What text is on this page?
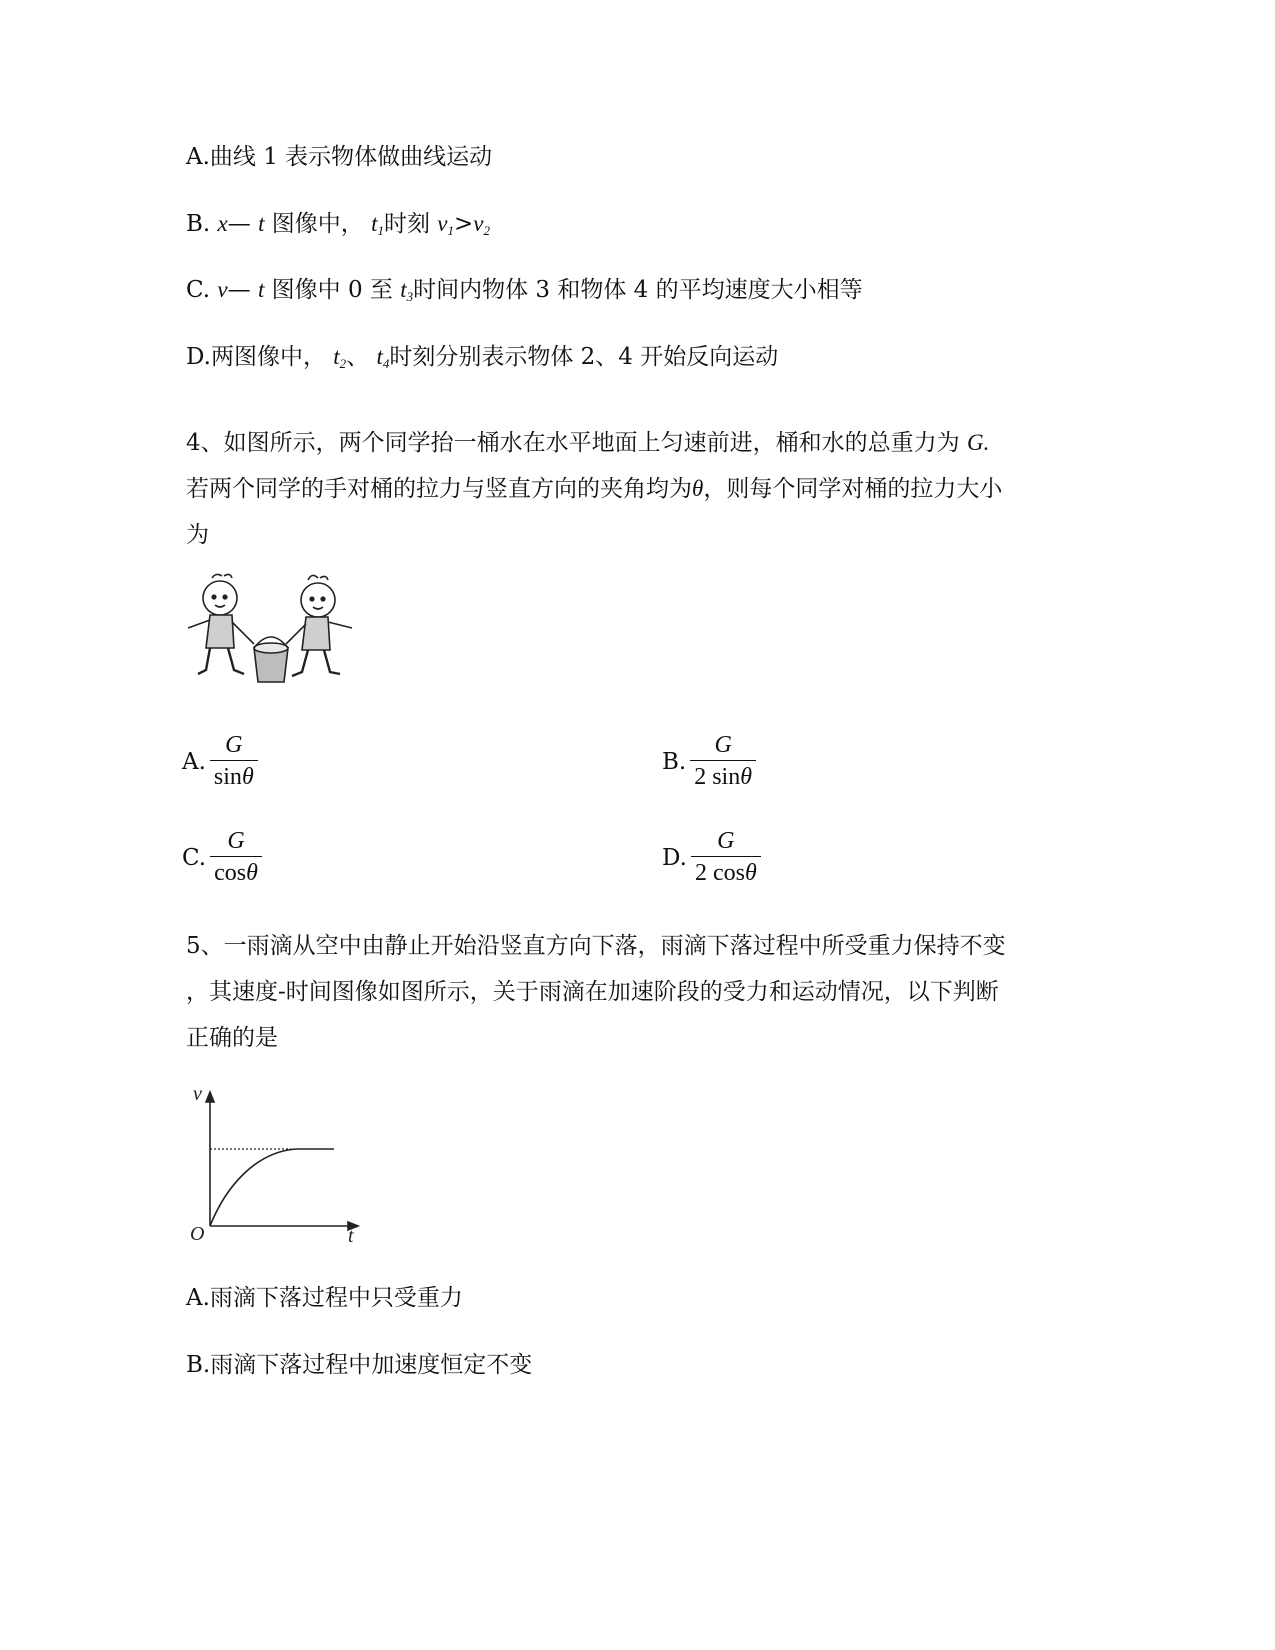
A.曲线 1 表示物体做曲线运动
B. x— t 图像中， $t_1$时刻 $v_1>v_2$
C. v— t 图像中 0 至 $t_3$时间内物体 3 和物体 4 的平均速度大小相等
D.两图像中， $t_2$、 $t_4$时刻分别表示物体 2、4 开始反向运动
4、如图所示，两个同学抬一桶水在水平地面上匀速前进，桶和水的总重力为 G.
若两个同学的手对桶的拉力与竖直方向的夹角均为θ，则每个同学对桶的拉力大小
为
A. $\frac{G}{\sin\theta}$	B. $\frac{G}{2 \sin\theta}$
C. $\frac{G}{\cos\theta}$	D. $\frac{G}{2 \cos\theta}$
5、一雨滴从空中由静止开始沿竖直方向下落，雨滴下落过程中所受重力保持不变
，其速度-时间图像如图所示，关于雨滴在加速阶段的受力和运动情况，以下判断
正确的是
v
t
O
A.雨滴下落过程中只受重力
B.雨滴下落过程中加速度恒定不变
